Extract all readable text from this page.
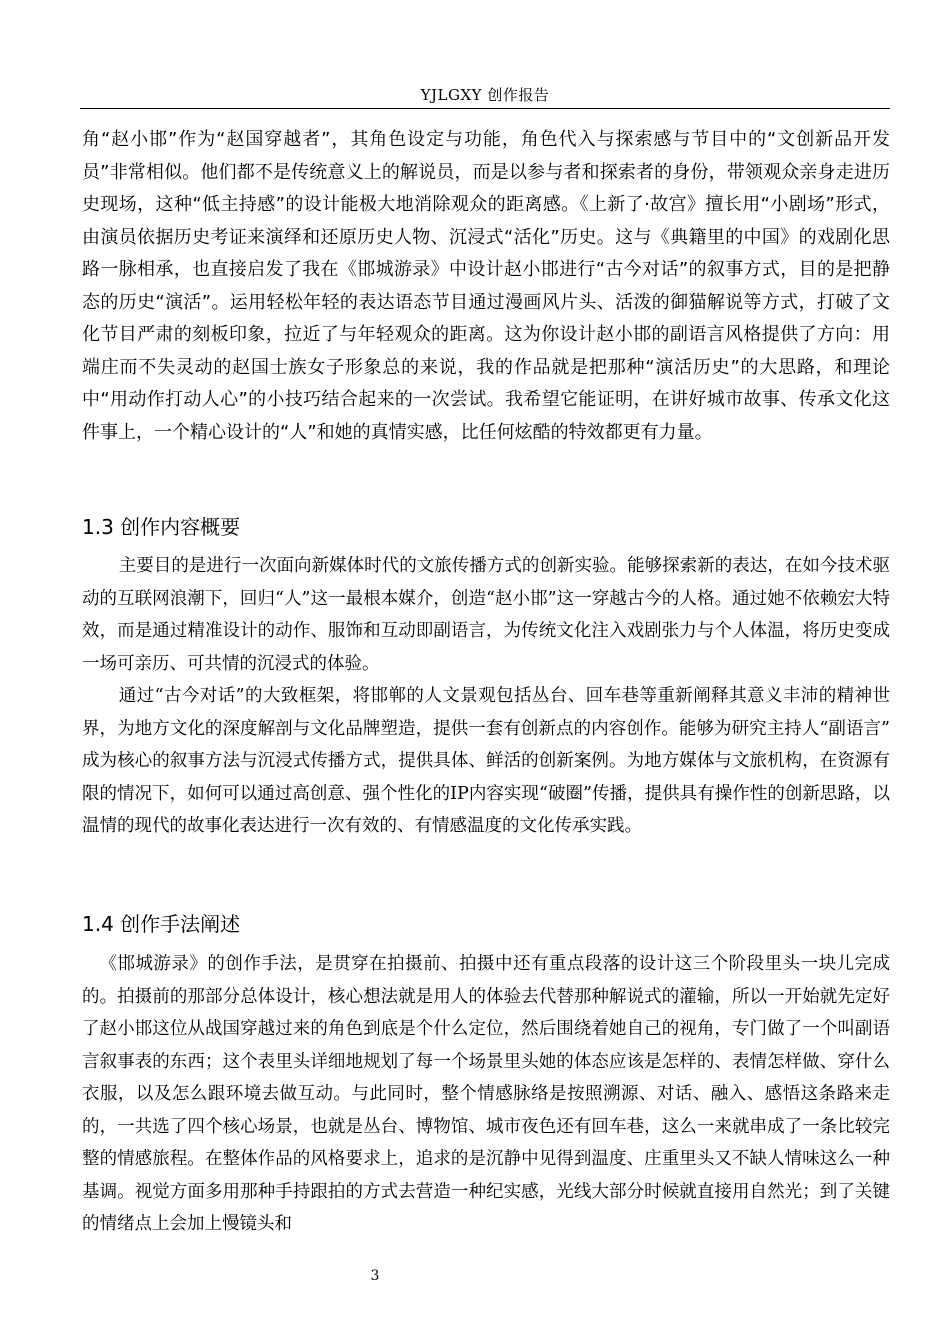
YJLGXY 创作报告

角“赵小邯”作为“赵国穿越者”，其角色设定与功能，角色代入与探索感与节目中的“文创新品开发员”非常相似。他们都不是传统意义上的解说员，而是以参与者和探索者的身份，带领观众亲身走进历史现场，这种“低主持感”的设计能极大地消除观众的距离感。《上新了·故宫》擅长用“小剧场”形式，由演员依据历史考证来演绎和还原历史人物、沉浸式“活化”历史。这与《典籍里的中国》的戏剧化思路一脉相承，也直接启发了我在《邯城游录》中设计赵小邯进行“古今对话”的叙事方式，目的是把静态的历史“演活”。运用轻松年轻的表达语态节目通过漫画风片头、活泼的御猫解说等方式，打破了文化节目严肃的刻板印象，拉近了与年轻观众的距离。这为你设计赵小邯的副语言风格提供了方向：用端庄而不失灵动的赵国士族女子形象总的来说，我的作品就是把那种“演活历史”的大思路，和理论中“用动作打动人心”的小技巧结合起来的一次尝试。我希望它能证明，在讲好城市故事、传承文化这件事上，一个精心设计的“人”和她的真情实感，比任何炫酷的特效都更有力量。

1.3 创作内容概要

主要目的是进行一次面向新媒体时代的文旅传播方式的创新实验。能够探索新的表达，在如今技术驱动的互联网浪潮下，回归“人”这一最根本媒介，创造“赵小邯”这一穿越古今的人格。通过她不依赖宏大特效，而是通过精准设计的动作、服饰和互动即副语言，为传统文化注入戏剧张力与个人体温，将历史变成一场可亲历、可共情的沉浸式的体验。

通过“古今对话”的大致框架，将邯郸的人文景观包括丛台、回车巷等重新阐释其意义丰沛的精神世界，为地方文化的深度解剖与文化品牌塑造，提供一套有创新点的内容创作。能够为研究主持人“副语言”　成为核心的叙事方法与沉浸式传播方式，提供具体、鲜活的创新案例。为地方媒体与文旅机构，在资源有限的情况下，如何可以通过高创意、强个性化的IP内容实现“破圈”传播，提供具有操作性的创新思路，以温情的现代的故事化表达进行一次有效的、有情感温度的文化传承实践。

1.4 创作手法阐述

《邯城游录》的创作手法，是贯穿在拍摄前、拍摄中还有重点段落的设计这三个阶段里头一块儿完成的。拍摄前的那部分总体设计，核心想法就是用人的体验去代替那种解说式的灌输，所以一开始就先定好了赵小邯这位从战国穿越过来的角色到底是个什么定位，然后围绕着她自己的视角，专门做了一个叫副语言叙事表的东西；这个表里头详细地规划了每一个场景里头她的体态应该是怎样的、表情怎样做、穿什么衣服，以及怎么跟环境去做互动。与此同时，整个情感脉络是按照溯源、对话、融入、感悟这条路来走的，一共选了四个核心场景，也就是丛台、博物馆、城市夜色还有回车巷，这么一来就串成了一条比较完整的情感旅程。在整体作品的风格要求上，追求的是沉静中见得到温度、庄重里头又不缺人情味这么一种基调。视觉方面多用那种手持跟拍的方式去营造一种纪实感，光线大部分时候就直接用自然光；到了关键的情绪点上会加上慢镜头和

3
